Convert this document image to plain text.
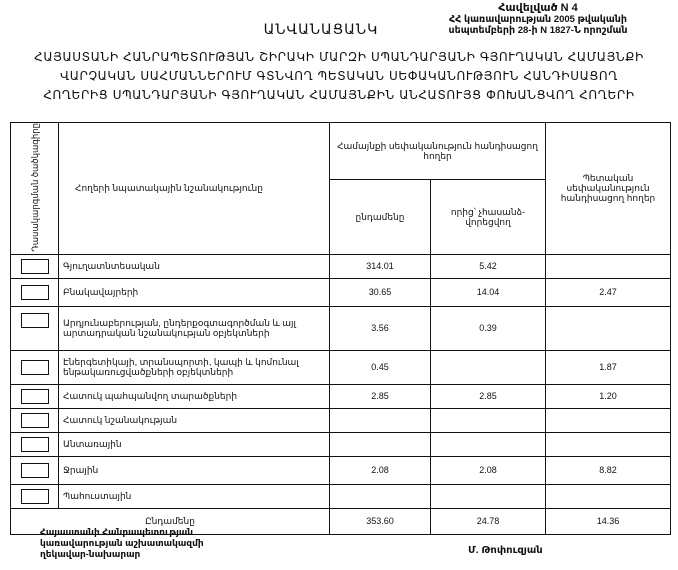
Հավելված N 4
ՀՀ կառավարության 2005 թվականի
սեպտեմբերի 28-ի N 1827-Ն որոշման
ԱՆՎԱՆԱՑԱՆԿ
ՀԱՅԱՍՏԱՆԻ ՀԱՆՐԱՊԵՏՈՒԹՅԱՆ ՇԻՐԱԿԻ ՄԱՐԶԻ ՍՊԱՆԴԱՐՅԱՆԻ ԳՅՈՒՂԱԿԱՆ ՀԱՄԱՅՆՔԻ
ՎԱՐՉԱԿԱՆ ՍԱՀՄԱՆՆԵՐՈՒՄ ԳՏՆՎՈՂ ՊԵՏԱԿԱՆ ՍԵՓԱԿԱՆՈՒԹՅՈՒՆ ՀԱՆԴԻՍԱՑՈՂ
ՀՈՂԵՐԻՑ ՍՊԱՆԴԱՐՅԱՆԻ ԳՅՈՒՂԱԿԱՆ ՀԱՄԱՅՆՔԻՆ ԱՆՀԱՏՈՒՅՑ ՓՈԽԱՆՑՎՈՂ ՀՈՂԵՐԻ
Դասակարգման ծածկագիրը	Հողերի նպատակային նշանակությունը	Համայնքի սեփականություն հանդիսացող հողեր		Պետական սեփականություն հանդիսացող հողեր
		ընդամենը	որից՝ չհասանձ-վորեցվող	
	Գյուղատնտեսական	314.01	5.42	
	Բնակավայրերի	30.65	14.04	2.47
	Արդյունաբերության, ընդերքօգտագործման և այլ արտադրական նշանակության օբյեկտների	3.56	0.39	
	Էներգետիկայի, տրանսպորտի, կապի և կոմունալ ենթակառուցվածքների օբյեկտների	0.45		1.87
	Հատուկ պահպանվող տարածքների	2.85	2.85	1.20
	Հատուկ նշանակության			
	Անտառային			
	Ջրային	2.08	2.08	8.82
	Պահուստային			
Ընդամենը		353.60	24.78	14.36
Հայաստանի Հանրապետության
կառավարության աշխատակազմի
ղեկավար-նախարար	Մ. Թոփուզյան
